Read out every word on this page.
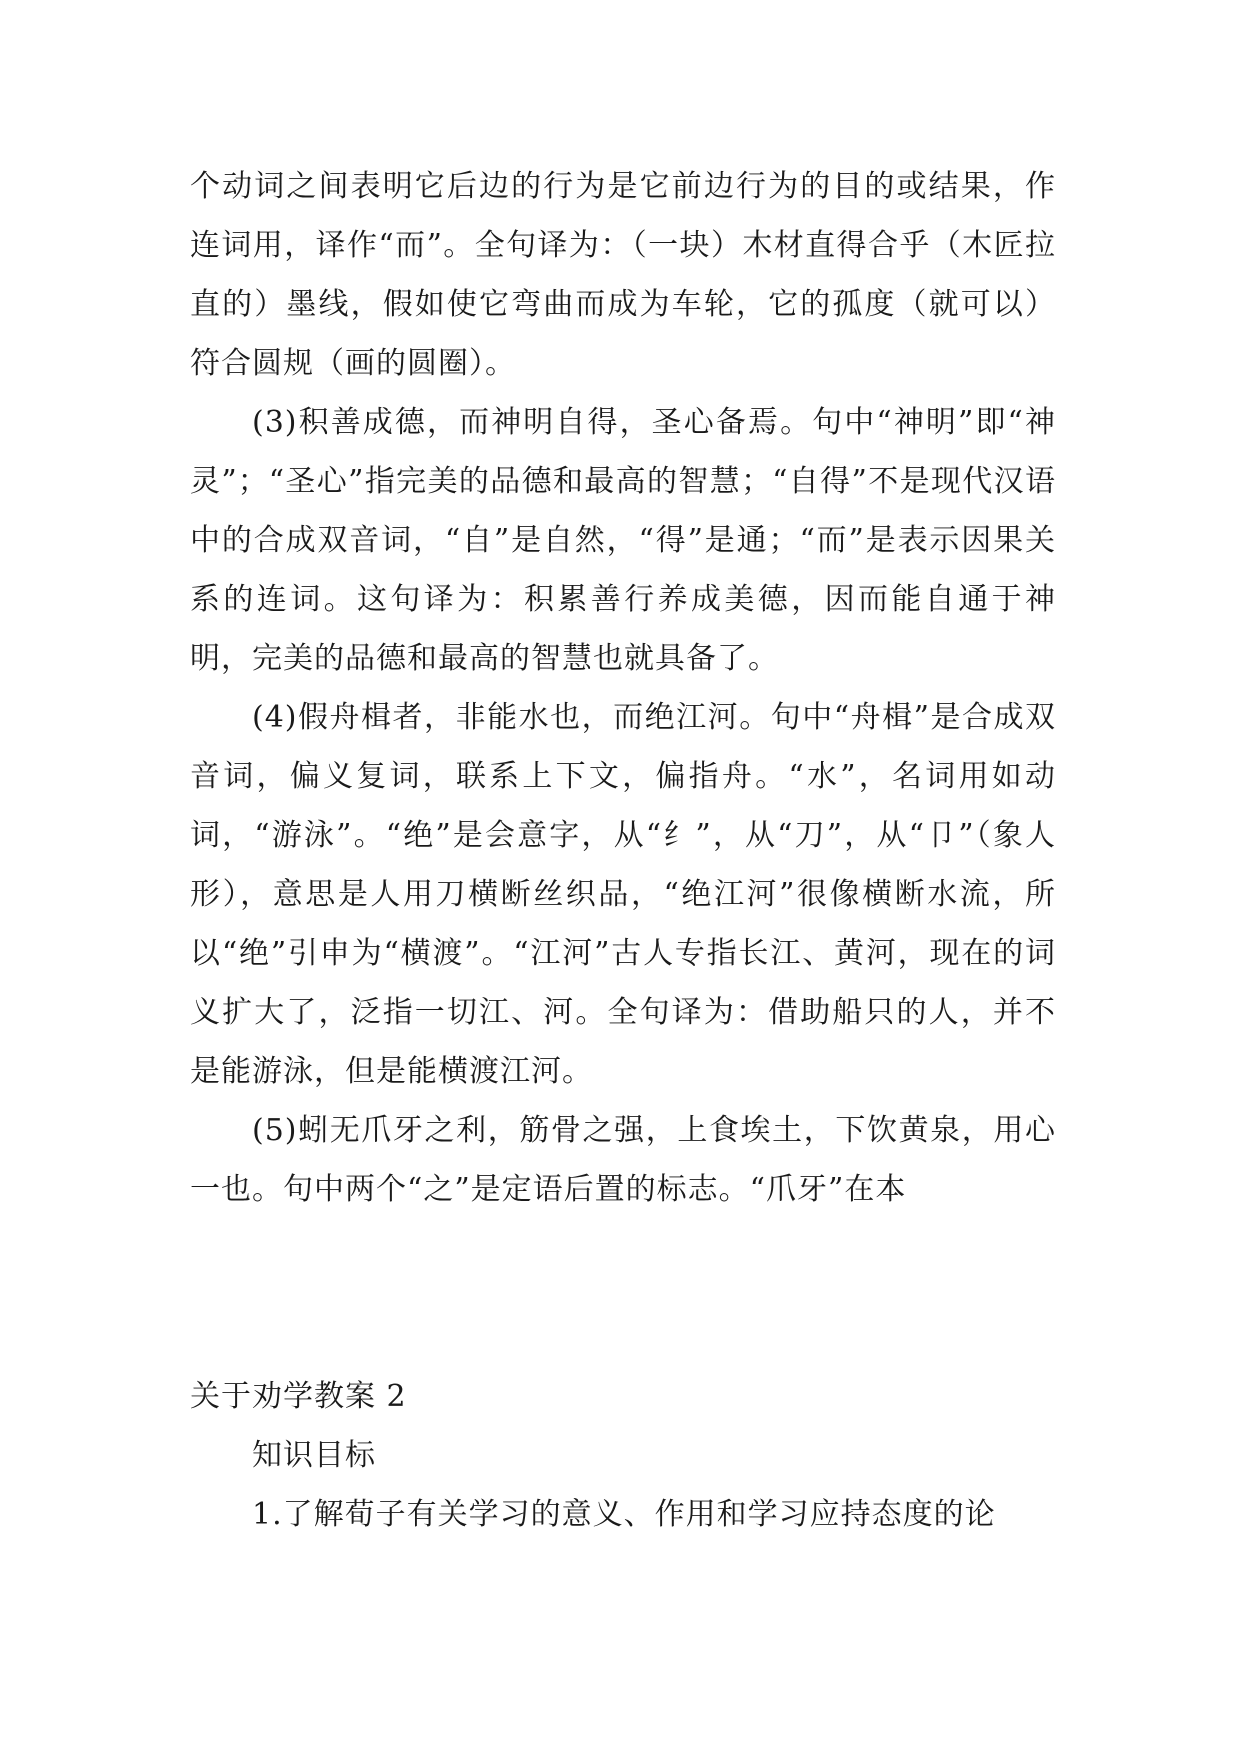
个动词之间表明它后边的行为是它前边行为的目的或结果，作连词用，译作“而”。全句译为：（一块）木材直得合乎（木匠拉直的）墨线，假如使它弯曲而成为车轮，它的孤度（就可以）符合圆规（画的圆圈）。

(3)积善成德，而神明自得，圣心备焉。句中“神明”即“神灵”；“圣心”指完美的品德和最高的智慧；“自得”不是现代汉语中的合成双音词，“自”是自然，“得”是通；“而”是表示因果关系的连词。这句译为：积累善行养成美德，因而能自通于神明，完美的品德和最高的智慧也就具备了。

(4)假舟楫者，非能水也，而绝江河。句中“舟楫”是合成双音词，偏义复词，联系上下文，偏指舟。“水”，名词用如动词，“游泳”。“绝”是会意字，从“纟”，从“刀”，从“卩”（象人形），意思是人用刀横断丝织品，“绝江河”很像横断水流，所以“绝”引申为“横渡”。“江河”古人专指长江、黄河，现在的词义扩大了，泛指一切江、河。全句译为：借助船只的人，并不是能游泳，但是能横渡江河。

(5)蚓无爪牙之利，筋骨之强，上食埃土，下饮黄泉，用心一也。句中两个“之”是定语后置的标志。“爪牙”在本

关于劝学教案 2

知识目标

1.了解荀子有关学习的意义、作用和学习应持态度的论
